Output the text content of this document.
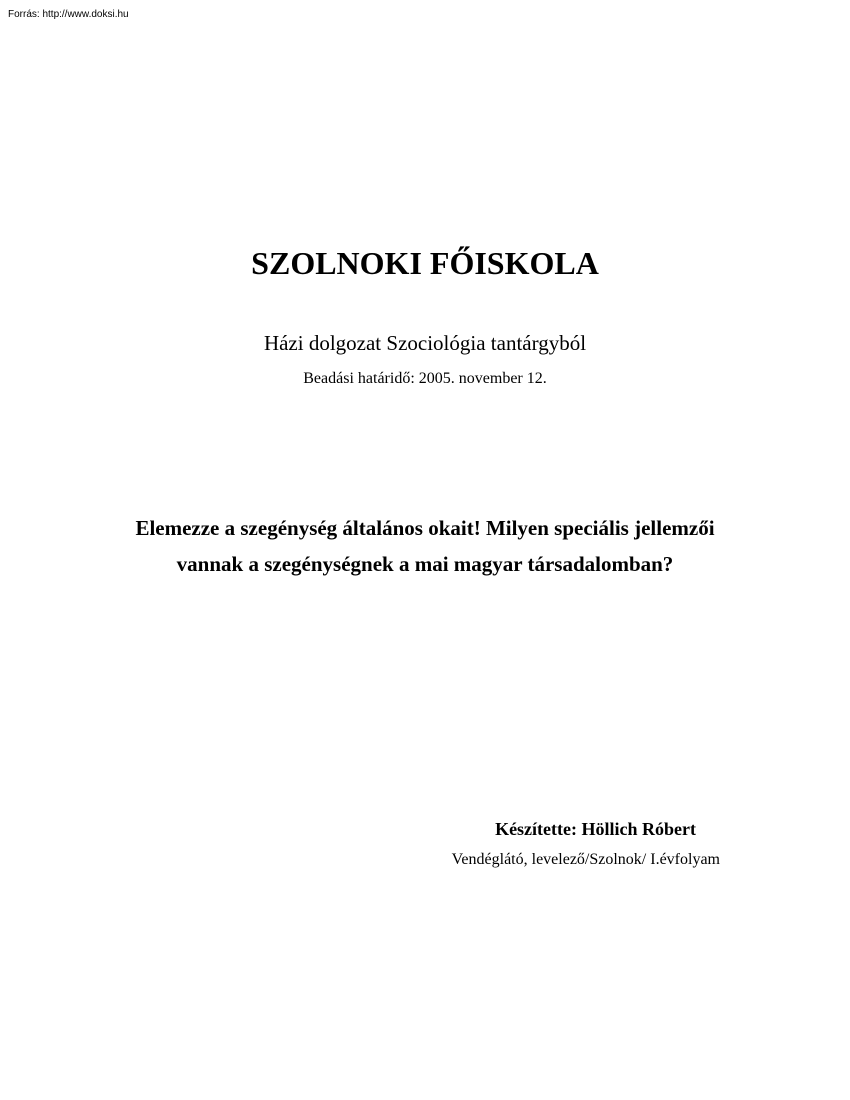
Forrás: http://www.doksi.hu
SZOLNOKI FŐISKOLA
Házi dolgozat Szociológia tantárgyból
Beadási határidő: 2005. november 12.
Elemezze a szegénység általános okait! Milyen speciális jellemzői
vannak a szegénységnek a mai magyar társadalomban?
Készítette: Höllich Róbert
Vendéglátó, levelező/Szolnok/ I.évfolyam
